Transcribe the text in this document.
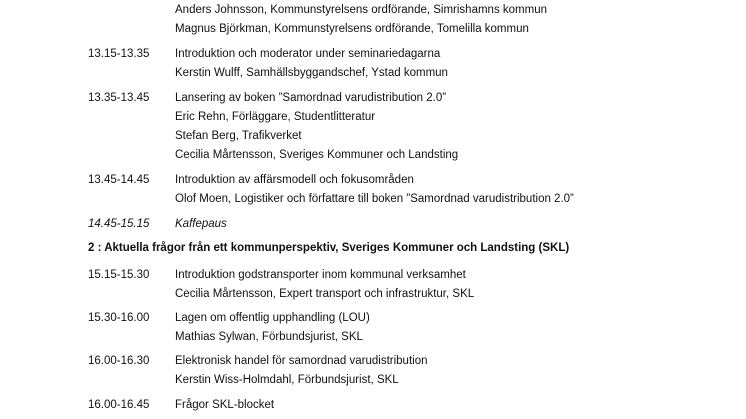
Anders Johnsson, Kommunstyrelsens ordförande, Simrishamns kommun
Magnus Björkman, Kommunstyrelsens ordförande, Tomelilla kommun
13.15-13.35 Introduktion och moderator under seminariedagarna
Kerstin Wulff, Samhällsbyggandschef, Ystad kommun
13.35-13.45 Lansering av boken ”Samordnad varudistribution 2.0”
Eric Rehn, Förläggare, Studentlitteratur
Stefan Berg, Trafikverket
Cecilia Mårtensson, Sveriges Kommuner och Landsting
13.45-14.45 Introduktion av affärsmodell och fokusområden
Olof Moen, Logistiker och författare till boken ”Samordnad varudistribution 2.0”
14.45-15.15 Kaffepaus
2 : Aktuella frågor från ett kommunperspektiv, Sveriges Kommuner och Landsting (SKL)
15.15-15.30 Introduktion godstransporter inom kommunal verksamhet
Cecilia Mårtensson, Expert transport och infrastruktur, SKL
15.30-16.00 Lagen om offentlig upphandling (LOU)
Mathias Sylwan, Förbundsjurist, SKL
16.00-16.30 Elektronisk handel för samordnad varudistribution
Kerstin Wiss-Holmdahl, Förbundsjurist, SKL
16.00-16.45 Frågor SKL-blocket
